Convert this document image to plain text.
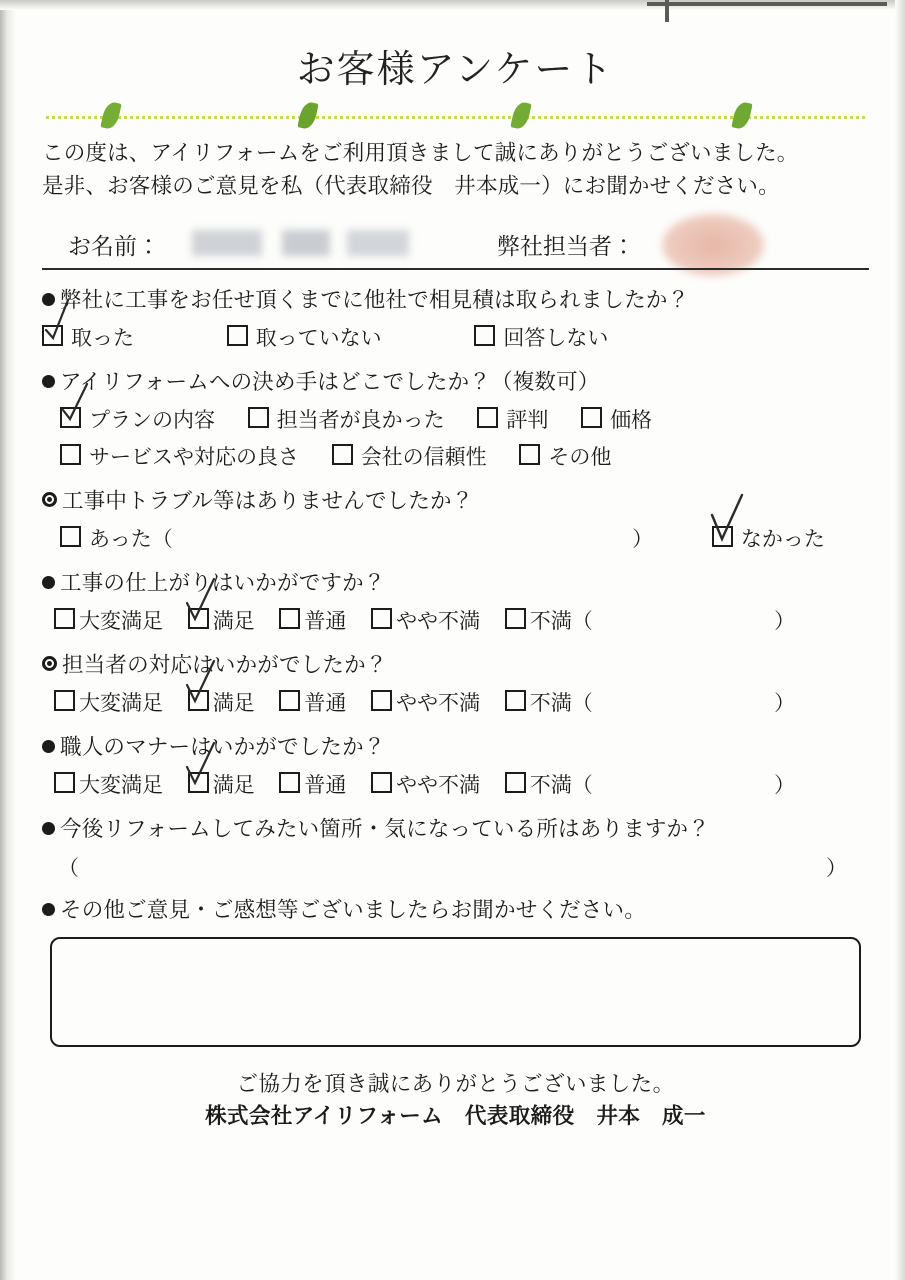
お客様アンケート
この度は、アイリフォームをご利用頂きまして誠にありがとうございました。
是非、お客様のご意見を私（代表取締役　井本成一）にお聞かせください。
お名前：	弊社担当者：
弊社に工事をお任せ頂くまでに他社で相見積は取られましたか？
取った	取っていない	回答しない
アイリフォームへの決め手はどこでしたか？（複数可）
プランの内容	担当者が良かった	評判	価格
サービスや対応の良さ	会社の信頼性	その他
工事中トラブル等はありませんでしたか？
あった（	）	なかった
工事の仕上がりはいかがですか？
大変満足 満足 普通 やや不満 不満（	）
担当者の対応はいかがでしたか？
大変満足 満足 普通 やや不満 不満（	）
職人のマナーはいかがでしたか？
大変満足 満足 普通 やや不満 不満（	）
今後リフォームしてみたい箇所・気になっている所はありますか？
（	）
その他ご意見・ご感想等ございましたらお聞かせください。
ご協力を頂き誠にありがとうございました。
株式会社アイリフォーム　代表取締役　井本　成一
